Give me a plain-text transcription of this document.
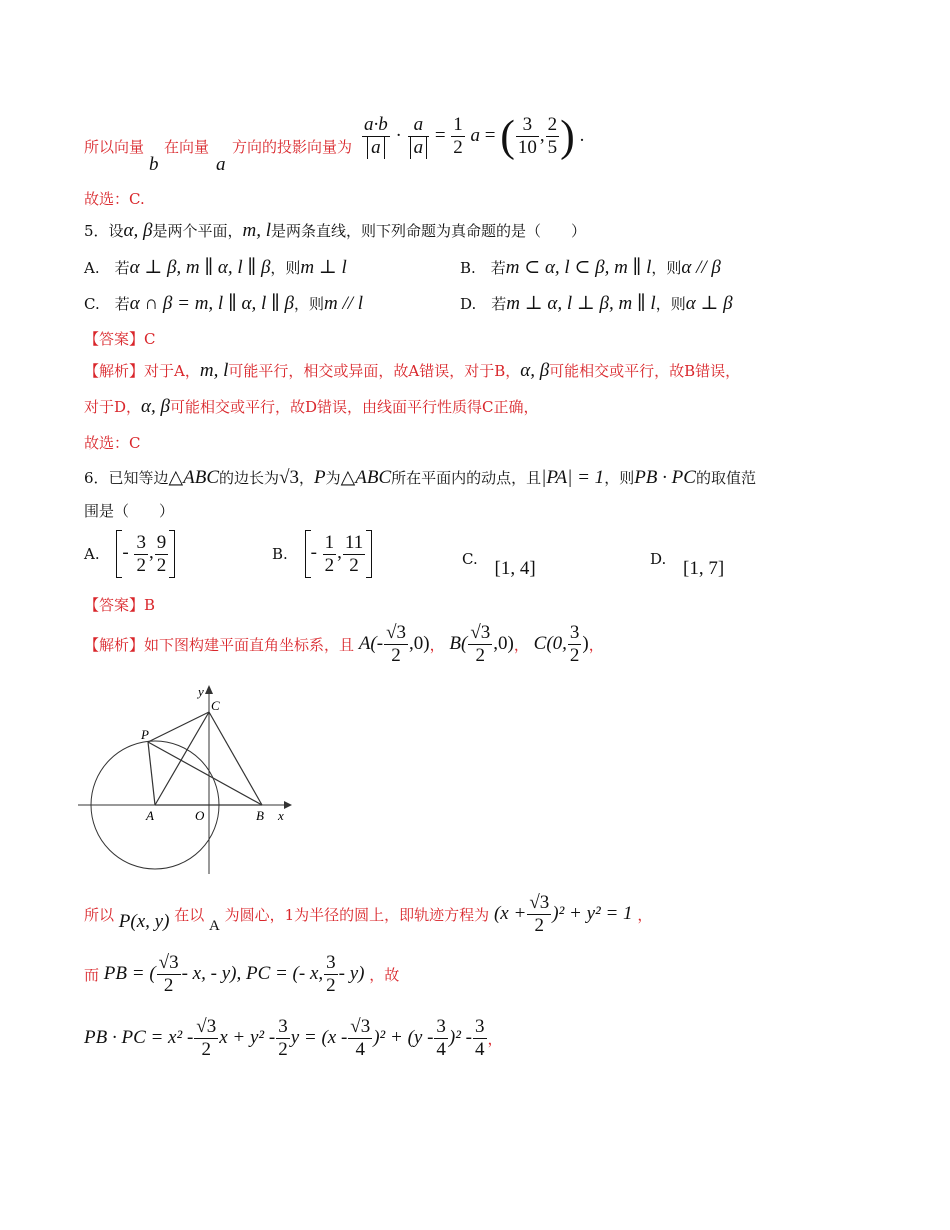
所以向量
b
在向量
a
方向的投影向量为 $\frac{a\cdot b}{a} \cdot \frac{a}{a} = \frac{1}{2}$ a = ( $\frac{3}{10}$ , $\frac{2}{5}$ ) .
故选：C.
5．设α, β是两个平面，m, l是两条直线，则下列命题为真命题的是（　　）
A.　若α ⊥ β, m ∥ α, l ∥ β，则m ⊥ l	B.　若m ⊂ α, l ⊂ β, m ∥ l，则α // β
C.　若α ∩ β = m, l ∥ α, l ∥ β，则m // l	D.　若m ⊥ α, l ⊥ β, m ∥ l，则α ⊥ β
【答案】C
【解析】对于A，m, l可能平行，相交或异面，故A错误，对于B，α, β可能相交或平行，故B错误，
对于D，α, β可能相交或平行，故D错误，由线面平行性质得C正确，
故选：C
6．已知等边△ABC的边长为√3，P为△ABC所在平面内的动点，且|PA| = 1，则PB · PC的取值范
围是（　　）
A. - $\frac{3}{2}$ , $\frac{9}{2}$	B. - $\frac{1}{2}$ , $\frac{11}{2}$	C. [1, 4]	D. [1, 7]
【答案】B
【解析】如下图构建平面直角坐标系，且 $A(- \frac{√3}{2} ,0)$， $B( \frac{√3}{2} ,0)$， C(0, $\frac{3}{2}$ )，
y
C
P
A	O	B x
所以 P(x, y) 在以 A 为圆心，1为半径的圆上，即轨迹方程为 $(x + \frac{√3}{2} )^2 + y^2 = 1$ ，
而 PB = ( $\frac{√3}{2}$ - x, - y), PC = (- x, $\frac{3}{2} - y$) ，故
PB · PC = $x^2 - \frac{√3}{2}$ $x + y^2 - \frac{3}{2}$ $y = (x - \frac{√3}{4} )^2 + (y - \frac{3}{4} )^2 - \frac{3}{4}$ ，
